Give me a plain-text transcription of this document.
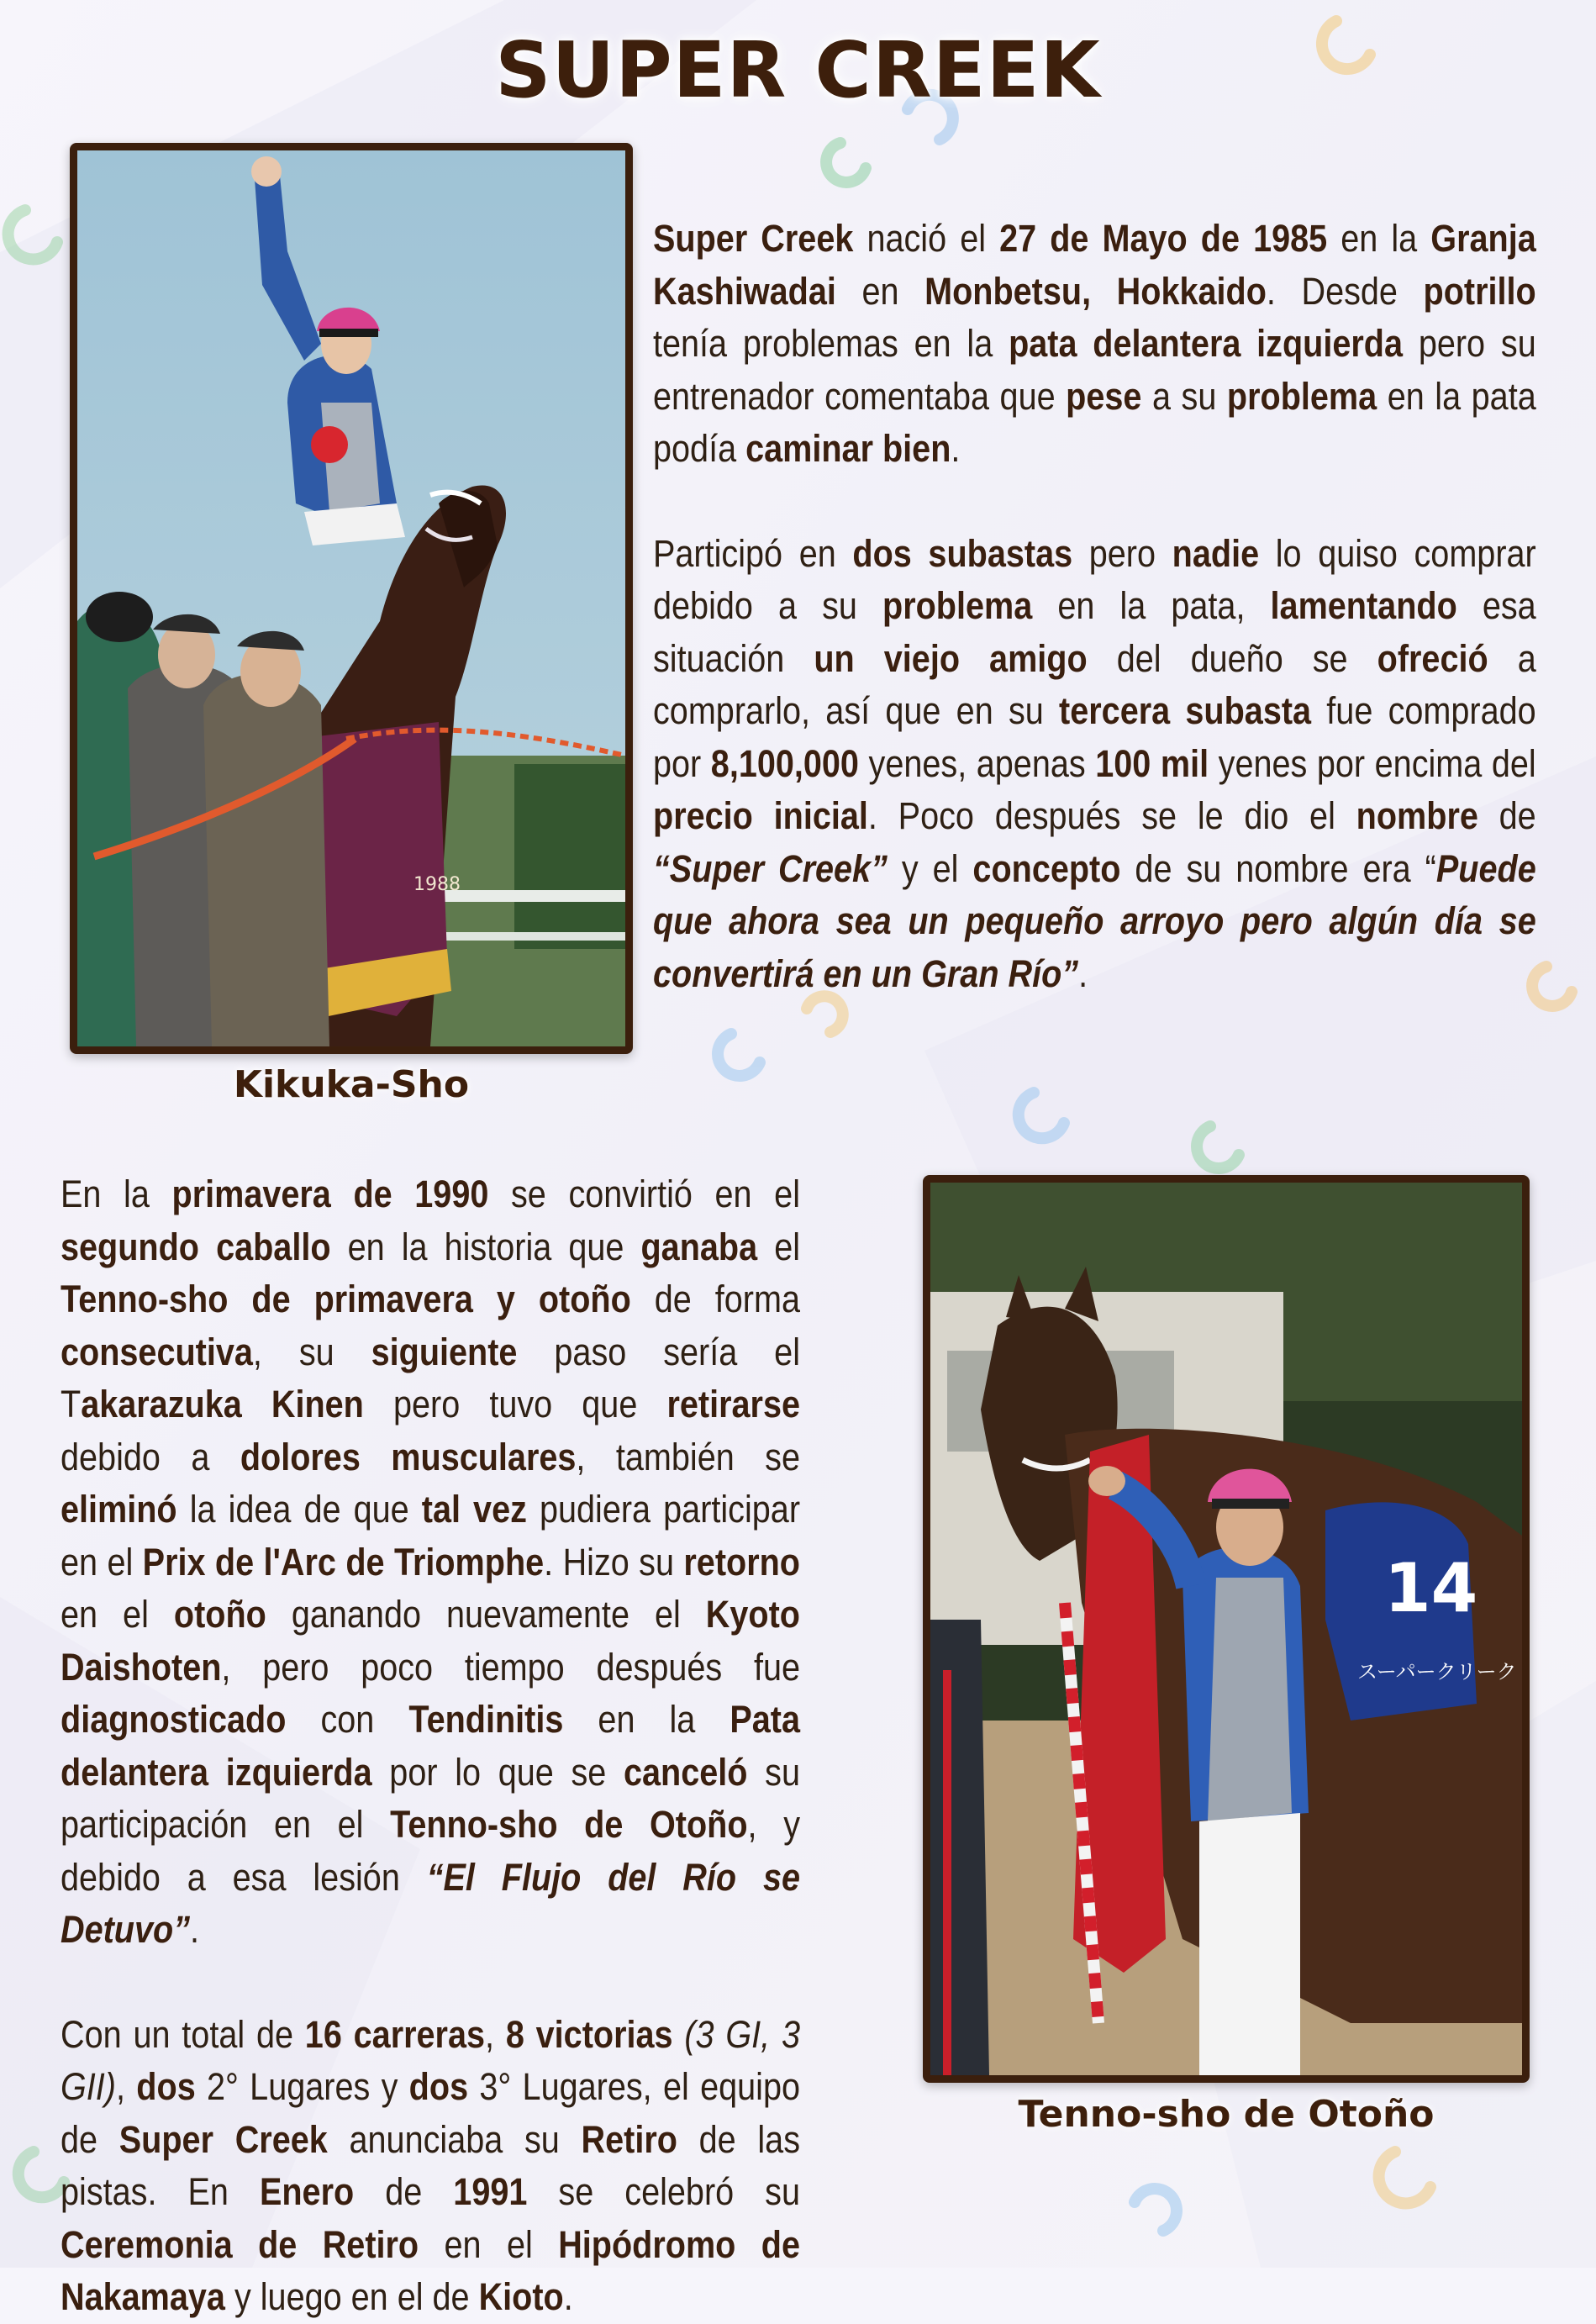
SUPER CREEK
1988
Kikuka-Sho

Super Creek nació el 27 de Mayo de 1985 en la Granja Kashiwadai en Monbetsu, Hokkaido. Desde potrillo tenía problemas en la pata delantera izquierda pero su entrenador comentaba que pese a su problema en la pata podía caminar bien.

Participó en dos subastas pero nadie lo quiso comprar debido a su problema en la pata, lamentando esa situación un viejo amigo del dueño se ofreció a comprarlo, así que en su tercera subasta fue comprado por 8,100,000 yenes, apenas 100 mil yenes por encima del precio inicial. Poco después se le dio el nombre de “Super Creek” y el concepto de su nombre era “Puede que ahora sea un pequeño arroyo pero algún día se convertirá en un Gran Río”.

En la primavera de 1990 se convirtió en el segundo caballo en la historia que ganaba el Tenno-sho de primavera y otoño de forma consecutiva, su siguiente paso sería el Takarazuka Kinen pero tuvo que retirarse debido a dolores musculares, también se eliminó la idea de que tal vez pudiera participar en el Prix de l'Arc de Triomphe. Hizo su retorno en el otoño ganando nuevamente el Kyoto Daishoten, pero poco tiempo después fue diagnosticado con Tendinitis en la Pata delantera izquierda por lo que se canceló su participación en el Tenno-sho de Otoño, y debido a esa lesión “El Flujo del Río se Detuvo”.

Con un total de 16 carreras, 8 victorias (3 GI, 3 GII), dos 2° Lugares y dos 3° Lugares, el equipo de Super Creek anunciaba su Retiro de las pistas. En Enero de 1991 se celebró su Ceremonia de Retiro en el Hipódromo de Nakamaya y luego en el de Kioto.

14
スーパークリーク
Tenno-sho de Otoño
